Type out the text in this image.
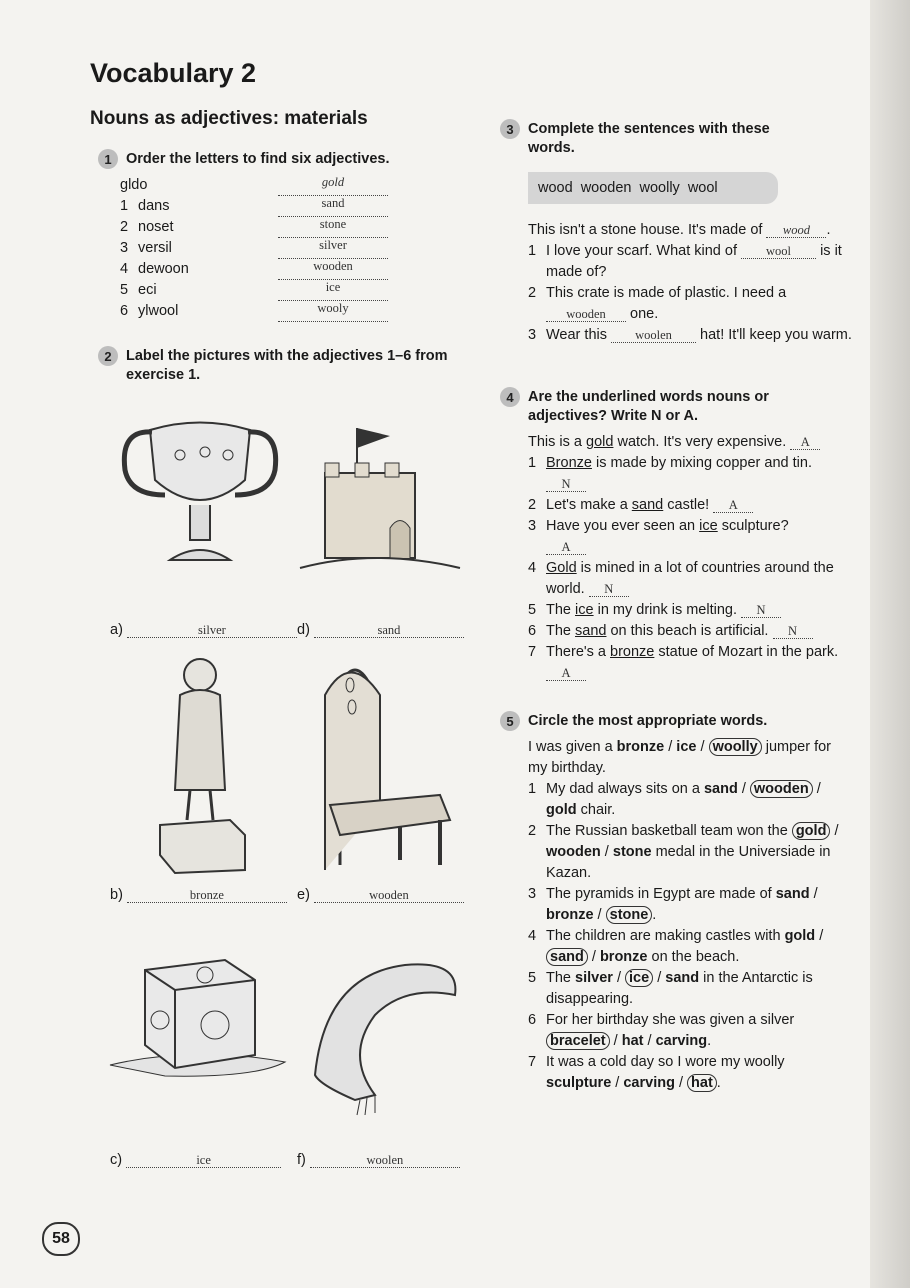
Vocabulary 2
Nouns as adjectives: materials
1 Order the letters to find six adjectives.
gldo	gold
1 dans	sand
2 noset	stone
3 versil	silver
4 dewoon	wooden
5 eci	ice
6 ylwool	wooly
2 Label the pictures with the adjectives 1–6 from exercise 1.
a)	silver	d)	sand
b)	bronze	e)	wooden
c)	ice	f)	woolen
3 Complete the sentences with these words.
wood wooden woolly wool
This isn't a stone house. It's made of wood .
1 I love your scarf. What kind of wool is it made of?
2 This crate is made of plastic. I need a wooden one.
3 Wear this woolen hat! It'll keep you warm.
4 Are the underlined words nouns or adjectives? Write N or A.
This is a gold watch. It's very expensive. A
1 Bronze is made by mixing copper and tin. N
2 Let's make a sand castle! A
3 Have you ever seen an ice sculpture?
A
4 Gold is mined in a lot of countries around the world. N
5 The ice in my drink is melting. N
6 The sand on this beach is artificial. N
7 There's a bronze statue of Mozart in the park. A
5 Circle the most appropriate words.
I was given a bronze / ice / woolly jumper for my birthday.
1 My dad always sits on a sand / wooden / gold chair.
2 The Russian basketball team won the gold / wooden / stone medal in the Universiade in Kazan.
3 The pyramids in Egypt are made of sand / bronze / stone .
4 The children are making castles with gold / sand / bronze on the beach.
5 The silver / ice / sand in the Antarctic is disappearing.
6 For her birthday she was given a silver bracelet / hat / carving.
7 It was a cold day so I wore my woolly sculpture / carving / hat .
58
